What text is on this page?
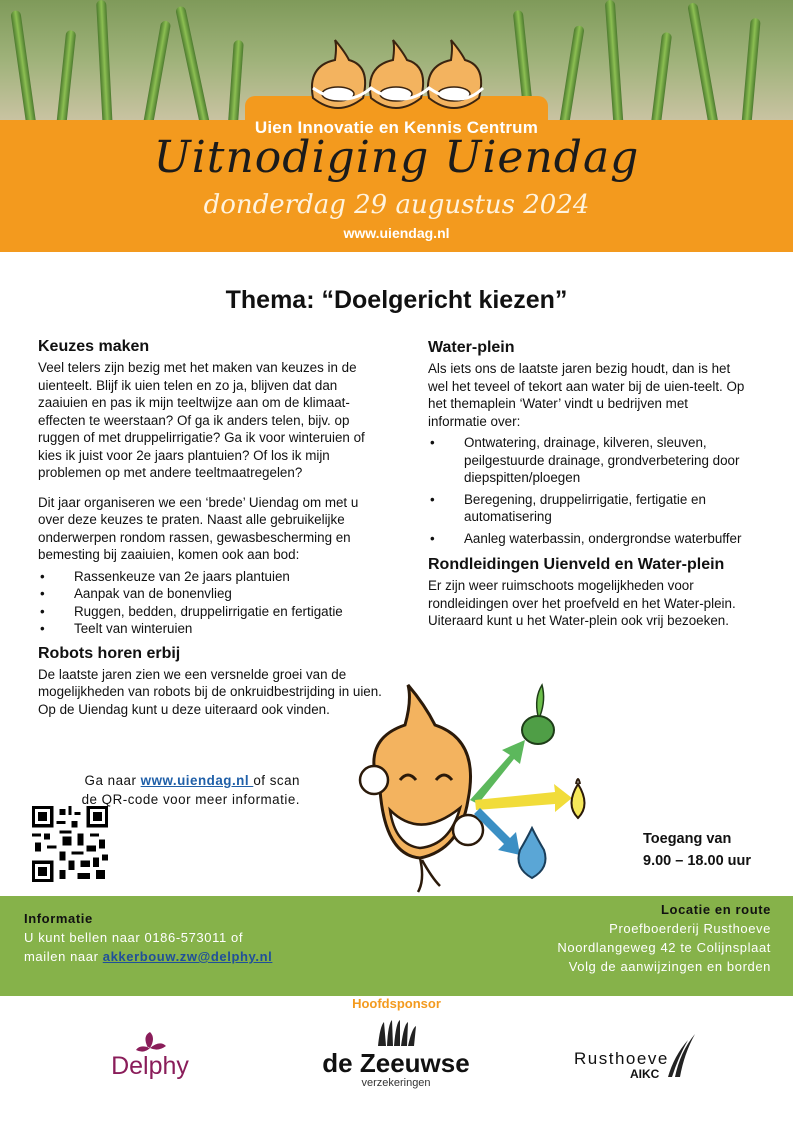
Uien Innovatie en Kennis Centrum
Uitnodiging Uiendag
donderdag 29 augustus 2024
www.uiendag.nl
Thema: “Doelgericht kiezen”
Keuzes maken

Veel telers zijn bezig met het maken van keuzes in de uienteelt. Blijf ik uien telen en zo ja, blijven dat dan zaaiuien en pas ik mijn teeltwijze aan om de klimaat-effecten te weerstaan? Of ga ik anders telen, bijv. op ruggen of met druppelirrigatie? Ga ik voor winteruien of kies ik juist voor 2e jaars plantuien? Of los ik mijn problemen op met andere teeltmaatregelen?

Dit jaar organiseren we een ‘brede’ Uiendag om met u over deze keuzes te praten. Naast alle gebruikelijke onderwerpen rondom rassen, gewasbescherming en bemesting bij zaaiuien, komen ook aan bod:

• Rassenkeuze van 2e jaars plantuien
• Aanpak van de bonenvlieg
• Ruggen, bedden, druppelirrigatie en fertigatie
• Teelt van winteruien
Robots horen erbij

De laatste jaren zien we een versnelde groei van de mogelijkheden van robots bij de onkruidbestrijding in uien. Op de Uiendag kunt u deze uiteraard ook vinden.

Water-plein

Als iets ons de laatste jaren bezig houdt, dan is het wel het teveel of tekort aan water bij de uien-teelt. Op het themaplein ‘Water’ vindt u bedrijven met informatie over:

• Ontwatering, drainage, kilveren, sleuven, peilgestuurde drainage, grondverbetering door diepspitten/ploegen
• Beregening, druppelirrigatie, fertigatie en automatisering
• Aanleg waterbassin, ondergrondse waterbuffer
Rondleidingen Uienveld en Water-plein

Er zijn weer ruimschoots mogelijkheden voor rondleidingen over het proefveld en het Water-plein. Uiteraard kunt u het Water-plein ook vrij bezoeken.

Ga naar www.uiendag.nl of scan de QR-code voor meer informatie.
Toegang van
9.00 – 18.00 uur
Informatie
U kunt bellen naar 0186-573011 of
mailen naar akkerbouw.zw@delphy.nl
Locatie en route
Proefboerderij Rusthoeve
Noordlangeweg 42 te Colijnsplaat
Volg de aanwijzingen en borden
Hoofdsponsor
Delphy	de Zeeuwse
verzekeringen
Rusthoeve
AIKC
